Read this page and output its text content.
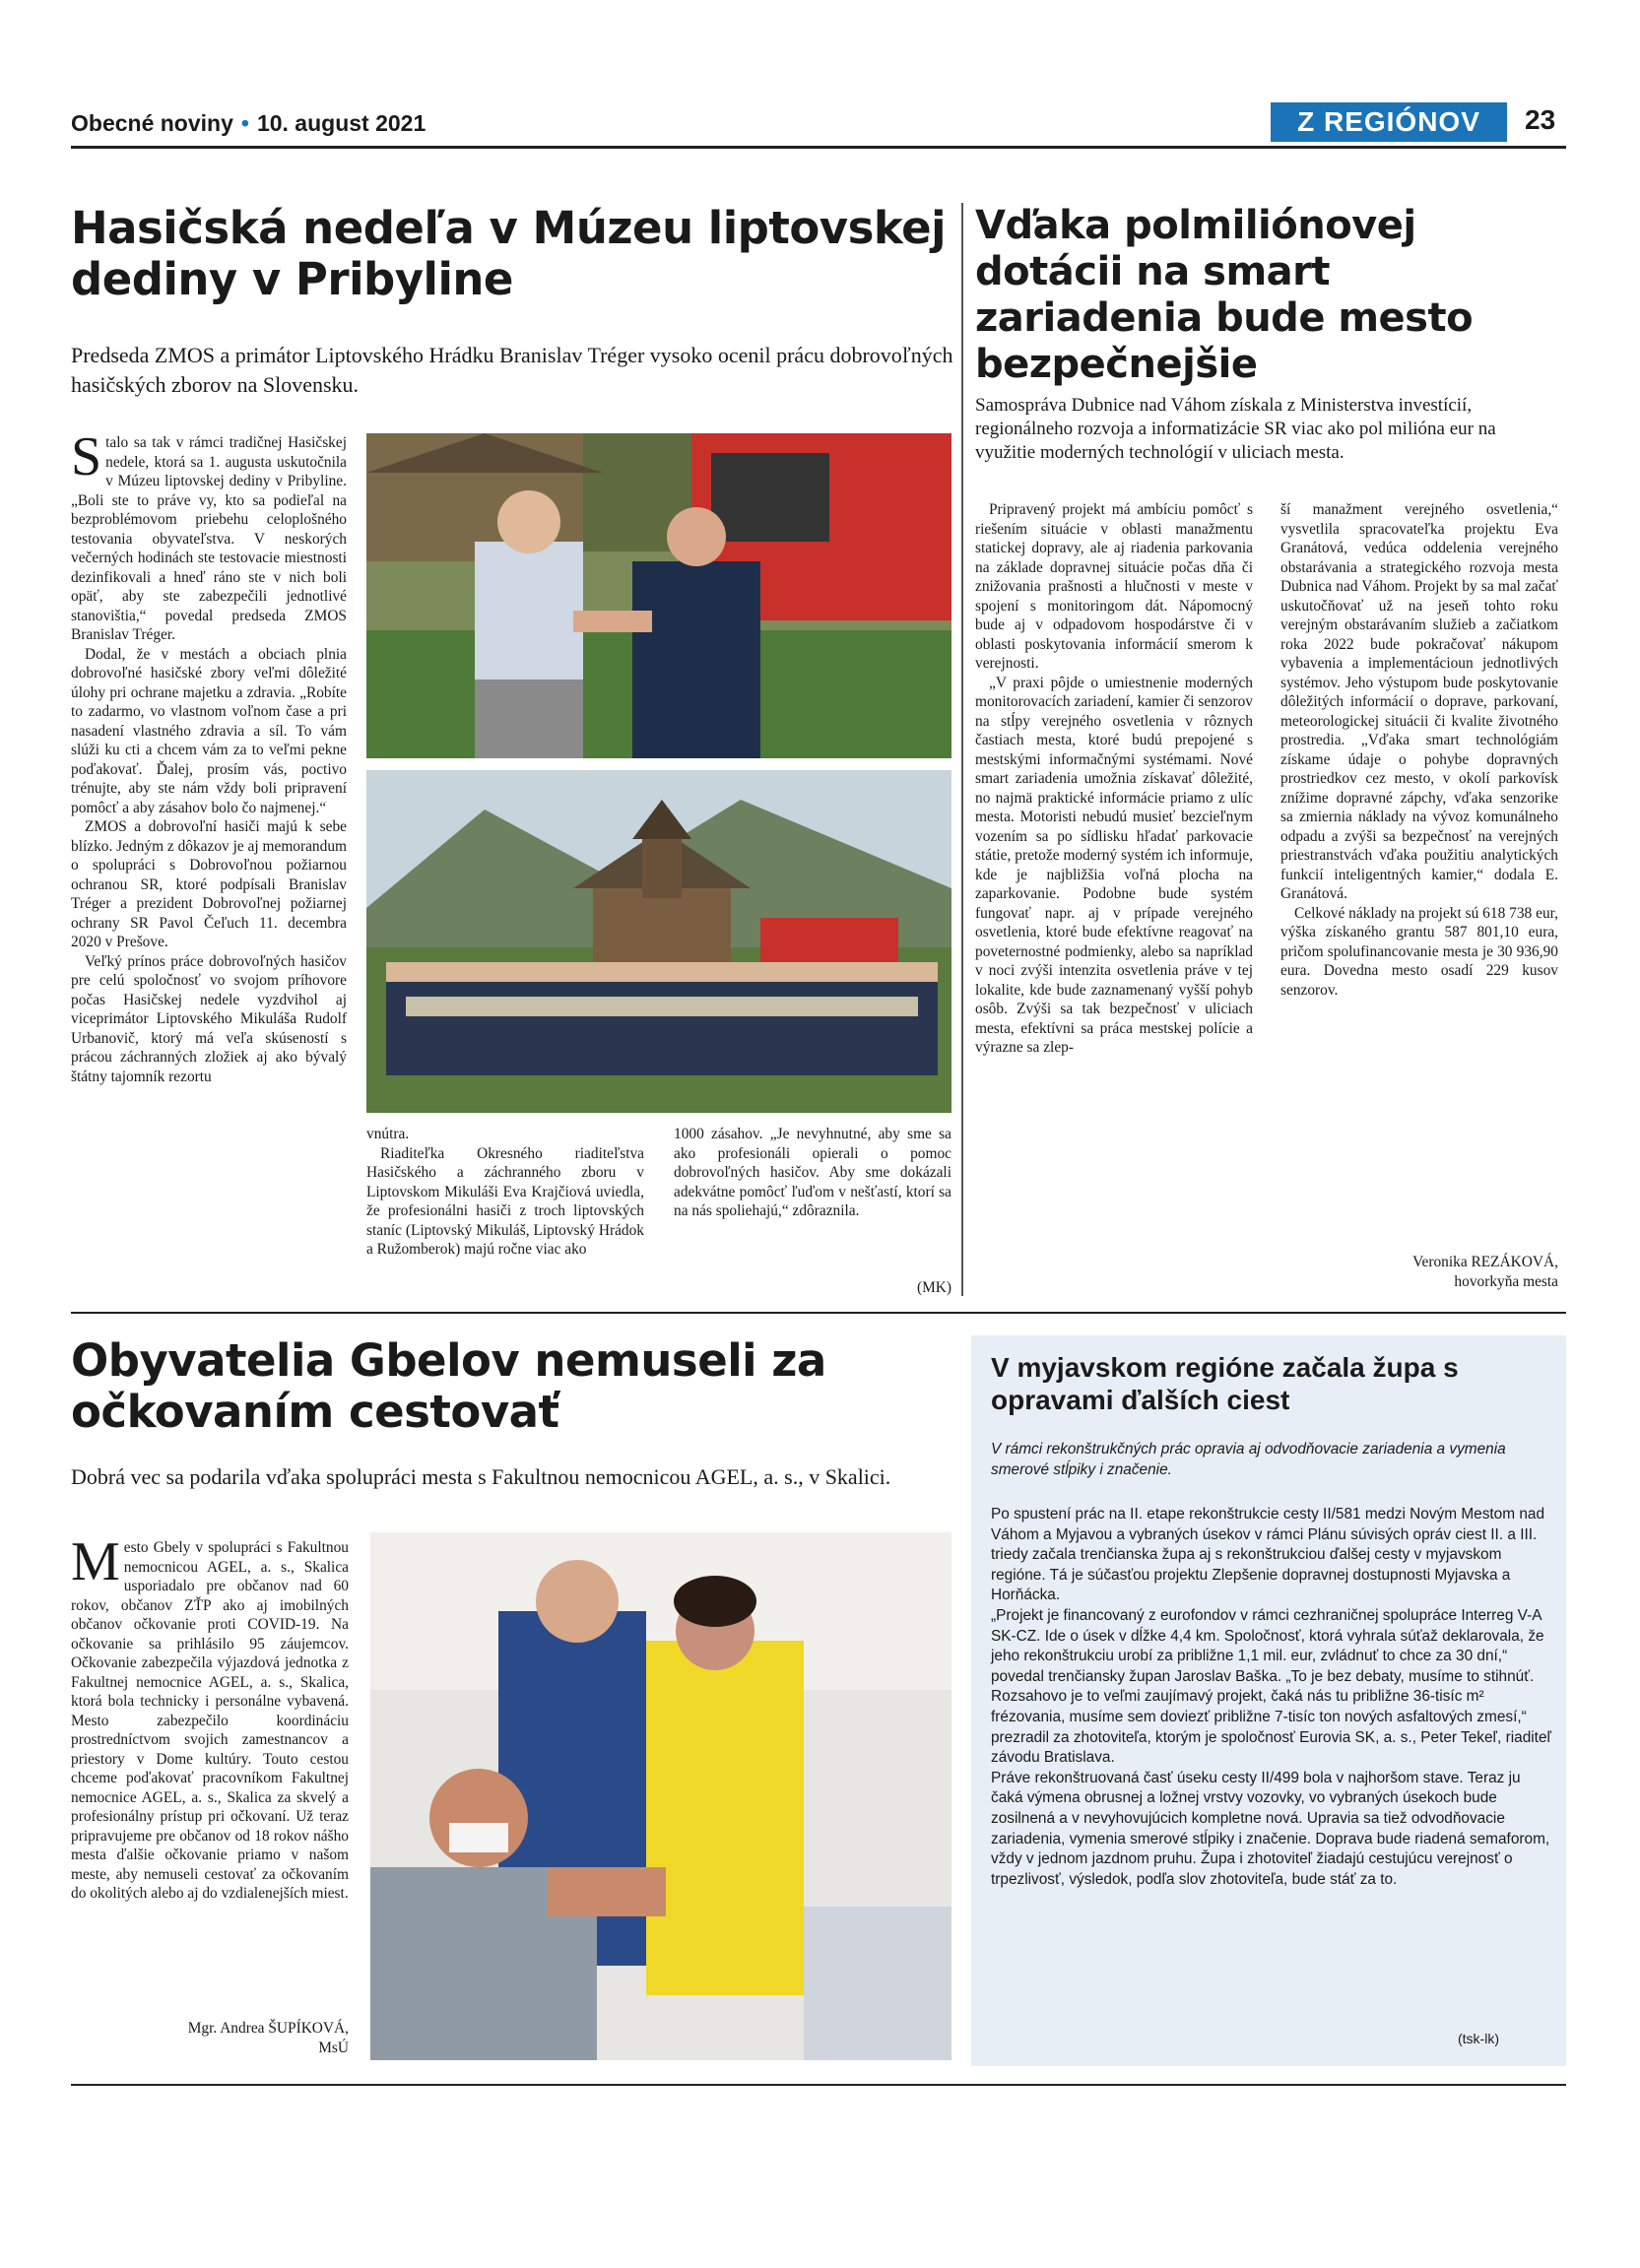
Obecné noviny • 10. august 2021	Z REGIÓNOV	23
Hasičská nedeľa v Múzeu liptovskej dediny v Pribyline
Predseda ZMOS a primátor Liptovského Hrádku Branislav Tréger vysoko ocenil prácu dobrovoľných hasičských zborov na Slovensku.

Stalo sa tak v rámci tradičnej Hasičskej nedele, ktorá sa 1. augusta uskutočnila v Múzeu liptovskej dediny v Pribyline. „Boli ste to práve vy, kto sa podieľal na bezproblémovom priebehu celoplošného testovania obyvateľstva. V neskorých večerných hodinách ste testovacie miestnosti dezinfikovali a hneď ráno ste v nich boli opäť, aby ste zabezpečili jednotlivé stanovištia,“ povedal predseda ZMOS Branislav Tréger.

Dodal, že v mestách a obciach plnia dobrovoľné hasičské zbory veľmi dôležité úlohy pri ochrane majetku a zdravia. „Robíte to zadarmo, vo vlastnom voľnom čase a pri nasadení vlastného zdravia a síl. To vám slúži ku cti a chcem vám za to veľmi pekne poďakovať. Ďalej, prosím vás, poctivo trénujte, aby ste nám vždy boli pripravení pomôcť a aby zásahov bolo čo najmenej.“

ZMOS a dobrovoľní hasiči majú k sebe blízko. Jedným z dôkazov je aj memorandum o spolupráci s Dobrovoľnou požiarnou ochranou SR, ktoré podpísali Branislav Tréger a prezident Dobrovoľnej požiarnej ochrany SR Pavol Čeľuch 11. decembra 2020 v Prešove.

Veľký prínos práce dobrovoľných hasičov pre celú spoločnosť vo svojom príhovore počas Hasičskej nedele vyzdvihol aj viceprimátor Liptovského Mikuláša Rudolf Urbanovič, ktorý má veľa skúseností s prácou záchranných zložiek aj ako bývalý štátny tajomník rezortu

vnútra.

Riaditeľka Okresného riaditeľstva Hasičského a záchranného zboru v Liptovskom Mikuláši Eva Krajčiová uviedla, že profesionálni hasiči z troch liptovských staníc (Liptovský Mikuláš, Liptovský Hrádok a Ružomberok) majú ročne viac ako

1000 zásahov. „Je nevyhnutné, aby sme sa ako profesionáli opierali o pomoc dobrovoľných hasičov. Aby sme dokázali adekvátne pomôcť ľuďom v nešťastí, ktorí sa na nás spoliehajú,“ zdôraznila.

(MK)
Vďaka polmiliónovej dotácii na smart zariadenia bude mesto bezpečnejšie
Samospráva Dubnice nad Váhom získala z Ministerstva investícií, regionálneho rozvoja a informatizácie SR viac ako pol milióna eur na využitie moderných technológií v uliciach mesta.

Pripravený projekt má ambíciu pomôcť s riešením situácie v oblasti manažmentu statickej dopravy, ale aj riadenia parkovania na základe dopravnej situácie počas dňa či znižovania prašnosti a hlučnosti v meste v spojení s monitoringom dát. Nápomocný bude aj v odpadovom hospodárstve či v oblasti poskytovania informácií smerom k verejnosti.

„V praxi pôjde o umiestnenie moderných monitorovacích zariadení, kamier či senzorov na stĺpy verejného osvetlenia v rôznych častiach mesta, ktoré budú prepojené s mestskými informačnými systémami. Nové smart zariadenia umožnia získavať dôležité, no najmä praktické informácie priamo z ulíc mesta. Motoristi nebudú musieť bezcieľnym vozením sa po sídlisku hľadať parkovacie státie, pretože moderný systém ich informuje, kde je najbližšia voľná plocha na zaparkovanie. Podobne bude systém fungovať napr. aj v prípade verejného osvetlenia, ktoré bude efektívne reagovať na poveternostné podmienky, alebo sa napríklad v noci zvýši intenzita osvetlenia práve v tej lokalite, kde bude zaznamenaný vyšší pohyb osôb. Zvýši sa tak bezpečnosť v uliciach mesta, efektívni sa práca mestskej polície a výrazne sa zlep-

ší manažment verejného osvetlenia,“ vysvetlila spracovateľka projektu Eva Granátová, vedúca oddelenia verejného obstarávania a strategického rozvoja mesta Dubnica nad Váhom. Projekt by sa mal začať uskutočňovať už na jeseň tohto roku verejným obstarávaním služieb a začiatkom roka 2022 bude pokračovať nákupom vybavenia a implementácioun jednotlivých systémov. Jeho výstupom bude poskytovanie dôležitých informácií o doprave, parkovaní, meteorologickej situácii či kvalite životného prostredia. „Vďaka smart technológiám získame údaje o pohybe dopravných prostriedkov cez mesto, v okolí parkovísk znížime dopravné zápchy, vďaka senzorike sa zmiernia náklady na vývoz komunálneho odpadu a zvýši sa bezpečnosť na verejných priestranstvách vďaka použitiu analytických funkcií inteligentných kamier,“ dodala E. Granátová.

Celkové náklady na projekt sú 618 738 eur, výška získaného grantu 587 801,10 eura, pričom spolufinancovanie mesta je 30 936,90 eura. Dovedna mesto osadí 229 kusov senzorov.

Veronika REZÁKOVÁ,
hovorkyňa mesta
Obyvatelia Gbelov nemuseli za očkovaním cestovať
Dobrá vec sa podarila vďaka spolupráci mesta s Fakultnou nemocnicou AGEL, a. s., v Skalici.

Mesto Gbely v spolupráci s Fakultnou nemocnicou AGEL, a. s., Skalica usporiadalo pre občanov nad 60 rokov, občanov ZŤP ako aj imobilných občanov očkovanie proti COVID-19. Na očkovanie sa prihlásilo 95 záujemcov. Očkovanie zabezpečila výjazdová jednotka z Fakultnej nemocnice AGEL, a. s., Skalica, ktorá bola technicky i personálne vybavená. Mesto zabezpečilo koordináciu prostredníctvom svojich zamestnancov a priestory v Dome kultúry. Touto cestou chceme poďakovať pracovníkom Fakultnej nemocnice AGEL, a. s., Skalica za skvelý a profesionálny prístup pri očkovaní. Už teraz pripravujeme pre občanov od 18 rokov nášho mesta ďalšie očkovanie priamo v našom meste, aby nemuseli cestovať za očkovaním do okolitých alebo aj do vzdialenejších miest.

Mgr. Andrea ŠUPÍKOVÁ,
MsÚ
V myjavskom regióne začala župa s opravami ďalších ciest
V rámci rekonštrukčných prác opravia aj odvodňovacie zariadenia a vymenia smerové stĺpiky i značenie.

Po spustení prác na II. etape rekonštrukcie cesty II/581 medzi Novým Mestom nad Váhom a Myjavou a vybraných úsekov v rámci Plánu súvisých opráv ciest II. a III. triedy začala trenčianska župa aj s rekonštrukciou ďalšej cesty v myjavskom regióne. Tá je súčasťou projektu Zlepšenie dopravnej dostupnosti Myjavska a Horňácka.

„Projekt je financovaný z eurofondov v rámci cezhraničnej spolupráce Interreg V-A SK-CZ. Ide o úsek v dĺžke 4,4 km. Spoločnosť, ktorá vyhrala súťaž deklarovala, že jeho rekonštrukciu urobí za približne 1,1 mil. eur, zvládnuť to chce za 30 dní,“ povedal trenčiansky župan Jaroslav Baška. „To je bez debaty, musíme to stihnúť. Rozsahovo je to veľmi zaujímavý projekt, čaká nás tu približne 36-tisíc m² frézovania, musíme sem doviezť približne 7-tisíc ton nových asfaltových zmesí,“ prezradil za zhotoviteľa, ktorým je spoločnosť Eurovia SK, a. s., Peter Tekeľ, riaditeľ závodu Bratislava.

Práve rekonštruovaná časť úseku cesty II/499 bola v najhoršom stave. Teraz ju čaká výmena obrusnej a ložnej vrstvy vozovky, vo vybraných úsekoch bude zosilnená a v nevyhovujúcich kompletne nová. Upravia sa tiež odvodňovacie zariadenia, vymenia smerové stĺpiky i značenie. Doprava bude riadená semaforom, vždy v jednom jazdnom pruhu. Župa i zhotoviteľ žiadajú cestujúcu verejnosť o trpezlivosť, výsledok, podľa slov zhotoviteľa, bude stáť za to.

(tsk-lk)
